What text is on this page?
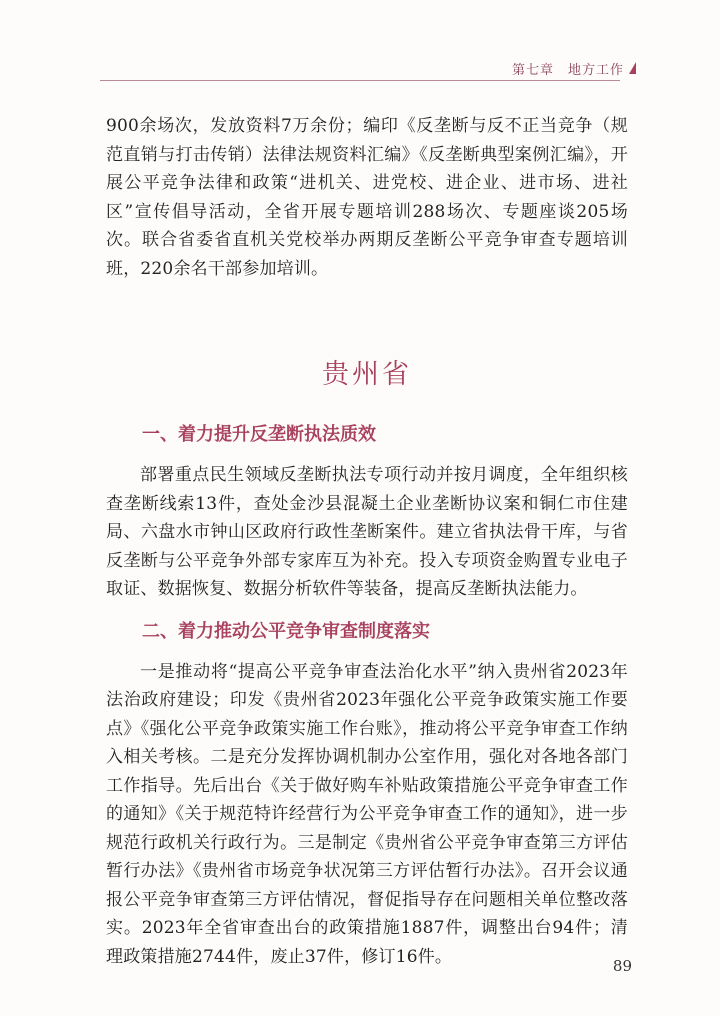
第七章　地方工作

900余场次，发放资料7万余份；编印《反垄断与反不正当竞争（规范直销与打击传销）法律法规资料汇编》《反垄断典型案例汇编》，开展公平竞争法律和政策“进机关、进党校、进企业、进市场、进社区”宣传倡导活动，全省开展专题培训288场次、专题座谈205场次。联合省委省直机关党校举办两期反垄断公平竞争审查专题培训班，220余名干部参加培训。

贵州省
一、着力提升反垄断执法质效

部署重点民生领域反垄断执法专项行动并按月调度，全年组织核查垄断线索13件，查处金沙县混凝土企业垄断协议案和铜仁市住建局、六盘水市钟山区政府行政性垄断案件。建立省执法骨干库，与省反垄断与公平竞争外部专家库互为补充。投入专项资金购置专业电子取证、数据恢复、数据分析软件等装备，提高反垄断执法能力。

二、着力推动公平竞争审查制度落实

一是推动将“提高公平竞争审查法治化水平”纳入贵州省2023年法治政府建设；印发《贵州省2023年强化公平竞争政策实施工作要点》《强化公平竞争政策实施工作台账》，推动将公平竞争审查工作纳入相关考核。二是充分发挥协调机制办公室作用，强化对各地各部门工作指导。先后出台《关于做好购车补贴政策措施公平竞争审查工作的通知》《关于规范特许经营行为公平竞争审查工作的通知》，进一步规范行政机关行政行为。三是制定《贵州省公平竞争审查第三方评估暂行办法》《贵州省市场竞争状况第三方评估暂行办法》。召开会议通报公平竞争审查第三方评估情况，督促指导存在问题相关单位整改落实。2023年全省审查出台的政策措施1887件，调整出台94件；清理政策措施2744件，废止37件，修订16件。	89
